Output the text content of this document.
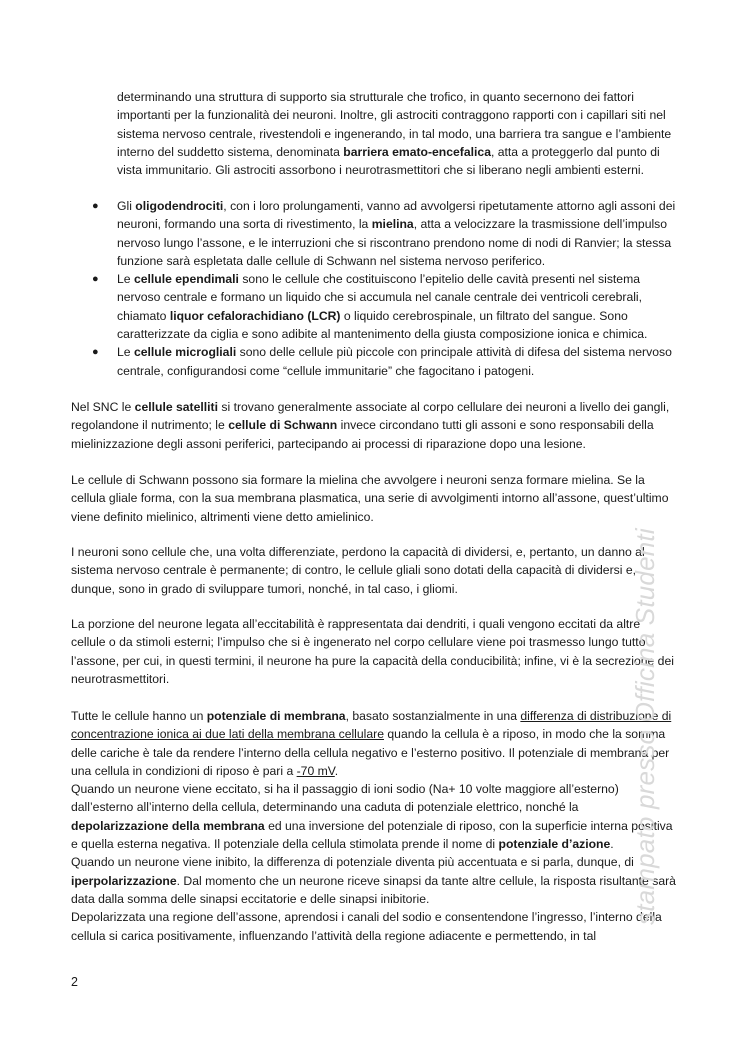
determinando una struttura di supporto sia strutturale che trofico, in quanto secernono dei fattori importanti per la funzionalità dei neuroni. Inoltre, gli astrociti contraggono rapporti con i capillari siti nel sistema nervoso centrale, rivestendoli e ingenerando, in tal modo, una barriera tra sangue e l’ambiente interno del suddetto sistema, denominata barriera emato-encefalica, atta a proteggerlo dal punto di vista immunitario. Gli astrociti assorbono i neurotrasmettitori che si liberano negli ambienti esterni.

● Gli oligodendrociti, con i loro prolungamenti, vanno ad avvolgersi ripetutamente attorno agli assoni dei neuroni, formando una sorta di rivestimento, la mielina, atta a velocizzare la trasmissione dell’impulso nervoso lungo l’assone, e le interruzioni che si riscontrano prendono nome di nodi di Ranvier; la stessa funzione sarà espletata dalle cellule di Schwann nel sistema nervoso periferico.
● Le cellule ependimali sono le cellule che costituiscono l’epitelio delle cavità presenti nel sistema nervoso centrale e formano un liquido che si accumula nel canale centrale dei ventricoli cerebrali, chiamato liquor cefalorachidiano (LCR) o liquido cerebrospinale, un filtrato del sangue. Sono caratterizzate da ciglia e sono adibite al mantenimento della giusta composizione ionica e chimica.
● Le cellule microgliali sono delle cellule più piccole con principale attività di difesa del sistema nervoso centrale, configurandosi come “cellule immunitarie” che fagocitano i patogeni.

Nel SNC le cellule satelliti si trovano generalmente associate al corpo cellulare dei neuroni a livello dei gangli, regolandone il nutrimento; le cellule di Schwann invece circondano tutti gli assoni e sono responsabili della mielinizzazione degli assoni periferici, partecipando ai processi di riparazione dopo una lesione.

Le cellule di Schwann possono sia formare la mielina che avvolgere i neuroni senza formare mielina. Se la cellula gliale forma, con la sua membrana plasmatica, una serie di avvolgimenti intorno all’assone, quest’ultimo viene definito mielinico, altrimenti viene detto amielinico.

I neuroni sono cellule che, una volta differenziate, perdono la capacità di dividersi, e, pertanto, un danno al sistema nervoso centrale è permanente; di contro, le cellule gliali sono dotati della capacità di dividersi e, dunque, sono in grado di sviluppare tumori, nonché, in tal caso, i gliomi.

La porzione del neurone legata all’eccitabilità è rappresentata dai dendriti, i quali vengono eccitati da altre cellule o da stimoli esterni; l’impulso che si è ingenerato nel corpo cellulare viene poi trasmesso lungo tutto l’assone, per cui, in questi termini, il neurone ha pure la capacità della conducibilità; infine, vi è la secrezione dei neurotrasmettitori.

Tutte le cellule hanno un potenziale di membrana, basato sostanzialmente in una differenza di distribuzione di concentrazione ionica ai due lati della membrana cellulare quando la cellula è a riposo, in modo che la somma delle cariche è tale da rendere l’interno della cellula negativo e l’esterno positivo. Il potenziale di membrana per una cellula in condizioni di riposo è pari a -70 mV.
Quando un neurone viene eccitato, si ha il passaggio di ioni sodio (Na+ 10 volte maggiore all’esterno) dall’esterno all’interno della cellula, determinando una caduta di potenziale elettrico, nonché la depolarizzazione della membrana ed una inversione del potenziale di riposo, con la superficie interna positiva e quella esterna negativa. Il potenziale della cellula stimolata prende il nome di potenziale d’azione.
Quando un neurone viene inibito, la differenza di potenziale diventa più accentuata e si parla, dunque, di iperpolarizzazione. Dal momento che un neurone riceve sinapsi da tante altre cellule, la risposta risultante sarà data dalla somma delle sinapsi eccitatorie e delle sinapsi inibitorie.
Depolarizzata una regione dell’assone, aprendosi i canali del sodio e consentendone l’ingresso, l’interno della cellula si carica positivamente, influenzando l’attività della regione adiacente e permettendo, in tal

2
stampato presso Officina Studenti
